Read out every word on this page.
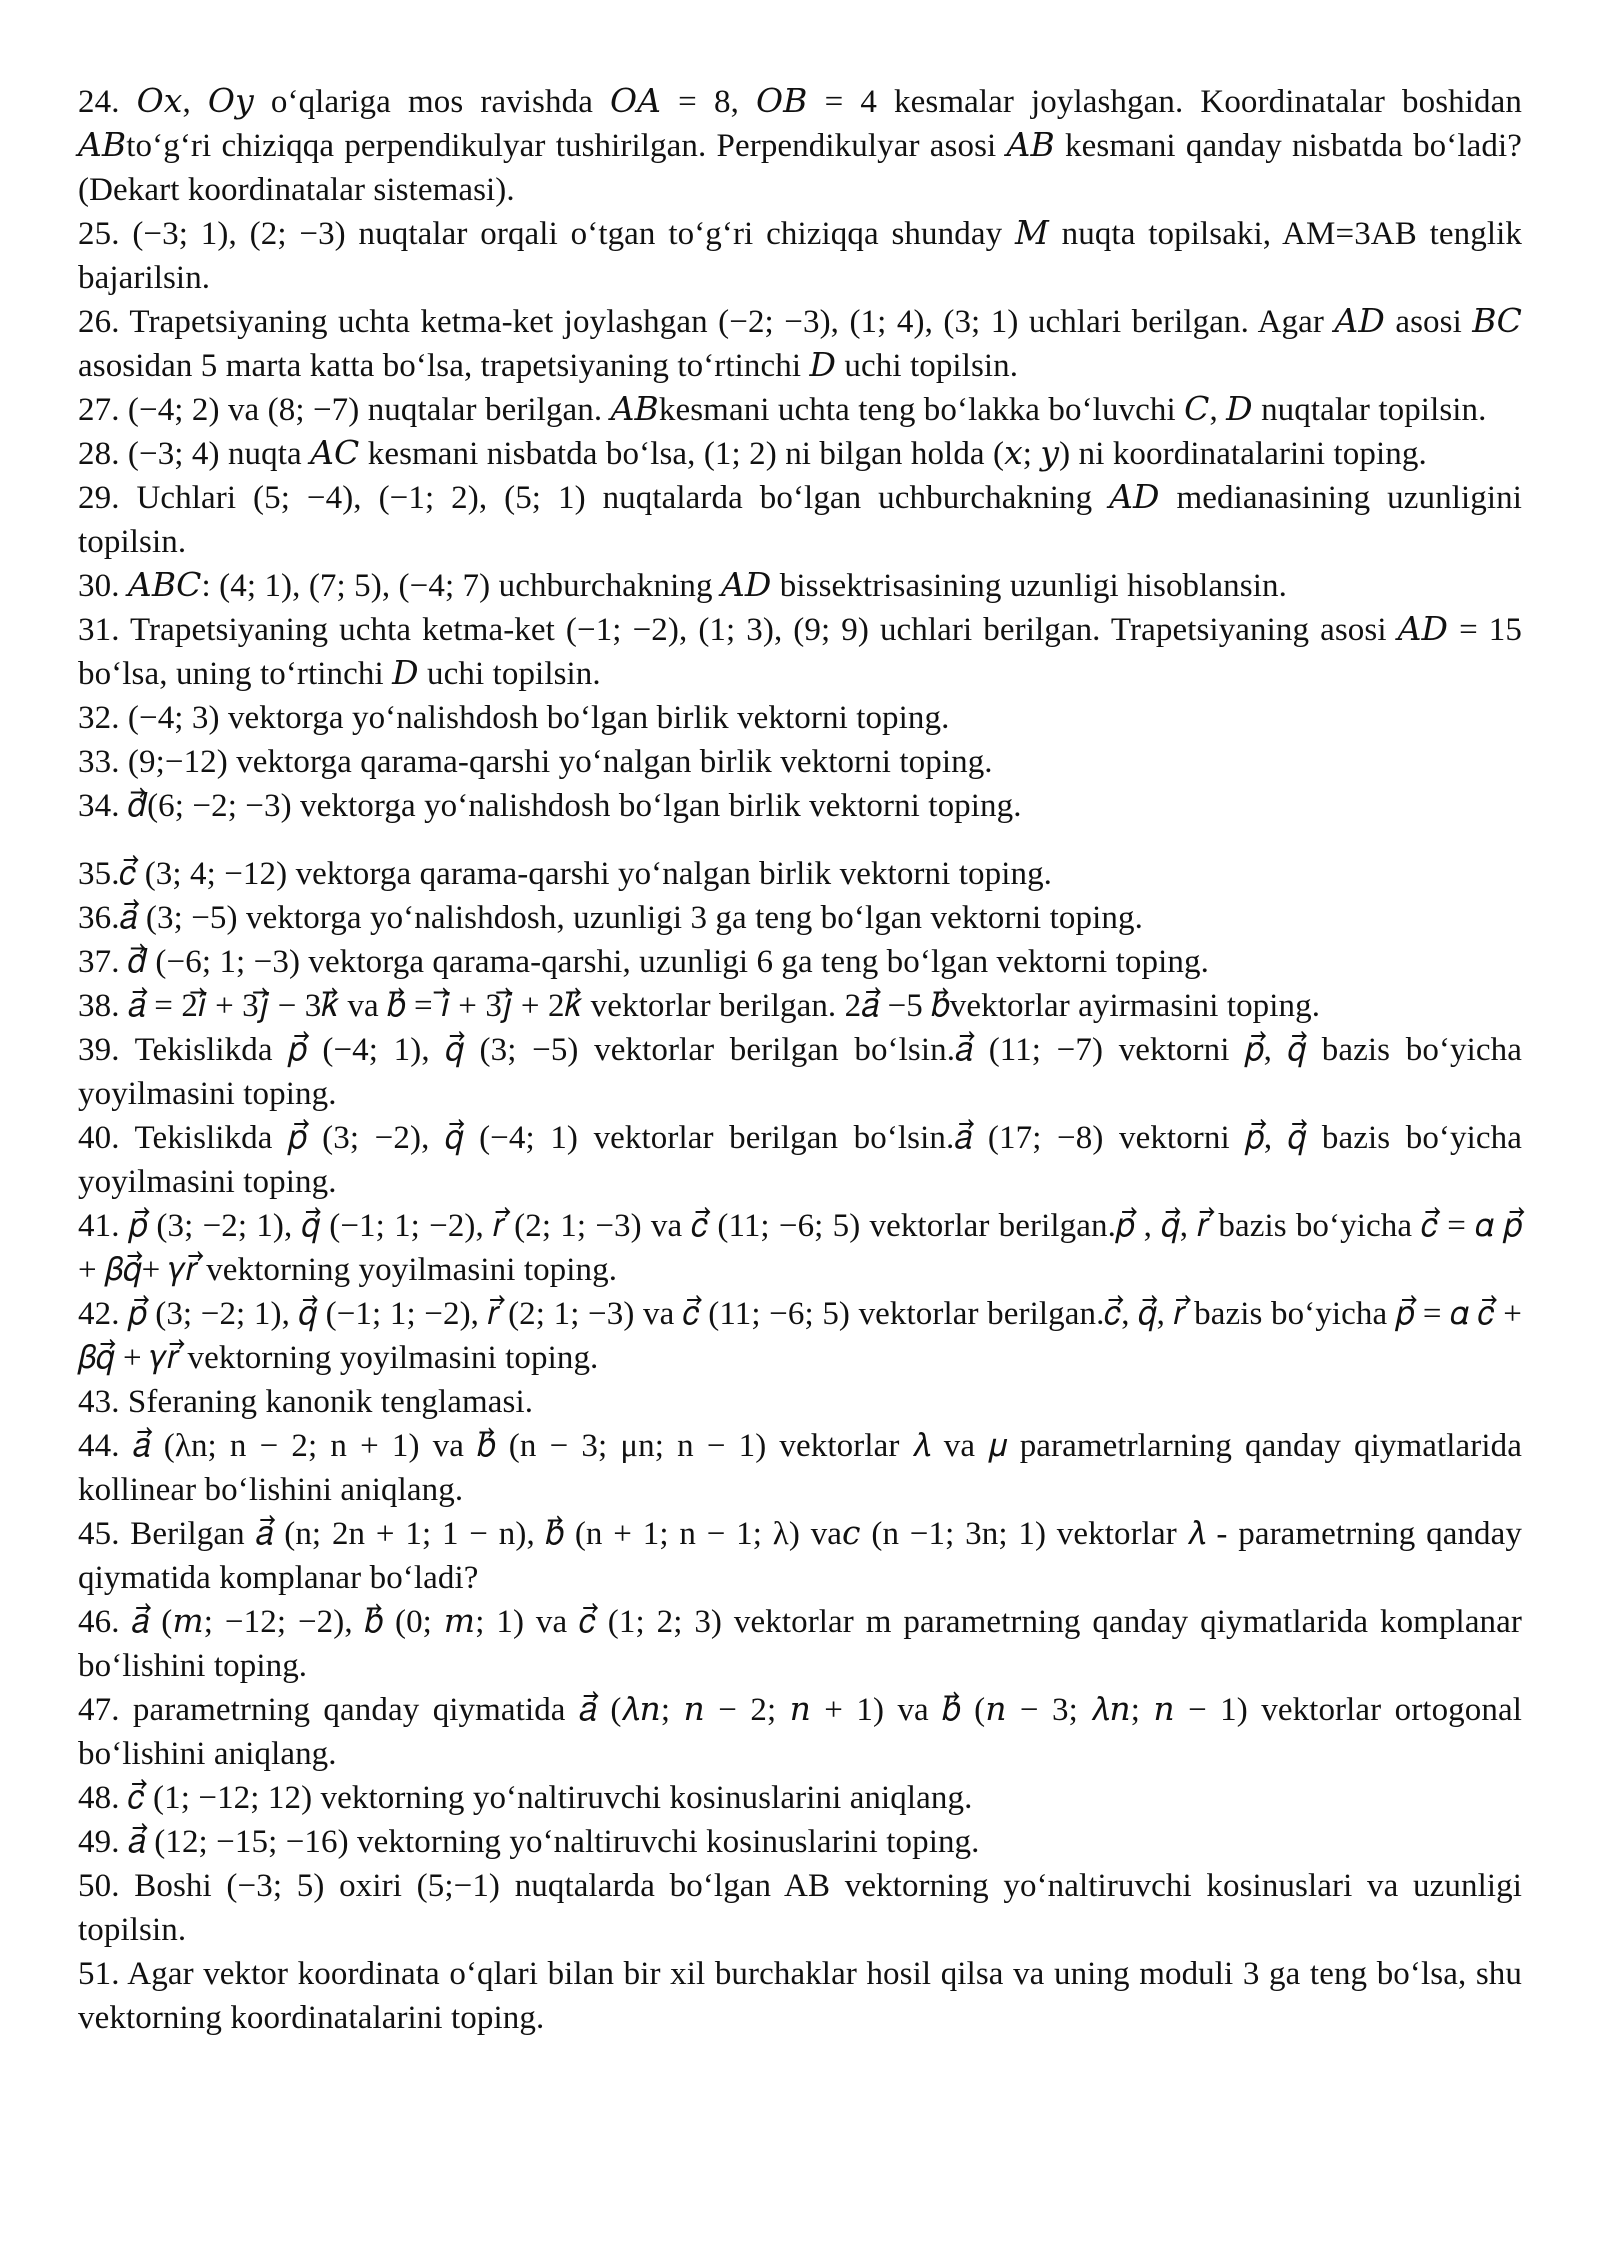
24. 𝑂𝑥, 𝑂𝑦 o‘qlariga mos ravishda 𝑂𝐴 = 8, 𝑂𝐵 = 4 kesmalar joylashgan. Koordinatalar boshidan 𝐴𝐵to‘g‘ri chiziqqa perpendikulyar tushirilgan. Perpendikulyar asosi 𝐴𝐵 kesmani qanday nisbatda bo‘ladi?(Dekart koordinatalar sistemasi).

25. (−3; 1), (2; −3) nuqtalar orqali o‘tgan to‘g‘ri chiziqqa shunday 𝑀 nuqta topilsaki, AM=3AB tenglik bajarilsin.

26. Trapetsiyaning uchta ketma-ket joylashgan (−2; −3), (1; 4), (3; 1) uchlari berilgan. Agar 𝐴𝐷 asosi 𝐵𝐶 asosidan 5 marta katta bo‘lsa, trapetsiyaning to‘rtinchi 𝐷 uchi topilsin.

27. (−4; 2) va (8; −7) nuqtalar berilgan. 𝐴𝐵kesmani uchta teng bo‘lakka bo‘luvchi 𝐶, 𝐷 nuqtalar topilsin.

28. (−3; 4) nuqta 𝐴𝐶 kesmani nisbatda bo‘lsa, (1; 2) ni bilgan holda (𝑥; 𝑦) ni koordinatalarini toping.

29. Uchlari (5; −4), (−1; 2), (5; 1) nuqtalarda bo‘lgan uchburchakning 𝐴𝐷 medianasining uzunligini topilsin.

30. 𝐴𝐵𝐶: (4; 1), (7; 5), (−4; 7) uchburchakning 𝐴𝐷 bissektrisasining uzunligi hisoblansin.

31. Trapetsiyaning uchta ketma-ket (−1; −2), (1; 3), (9; 9) uchlari berilgan. Trapetsiyaning asosi 𝐴𝐷 = 15 bo‘lsa, uning to‘rtinchi 𝐷 uchi topilsin.

32. (−4; 3) vektorga yo‘nalishdosh bo‘lgan birlik vektorni toping.

33. (9;−12) vektorga qarama-qarshi yo‘nalgan birlik vektorni toping.

34. 𝑑⃗(6; −2; −3) vektorga yo‘nalishdosh bo‘lgan birlik vektorni toping.

35.𝑐⃗ (3; 4; −12) vektorga qarama-qarshi yo‘nalgan birlik vektorni toping.

36.𝑎⃗ (3; −5) vektorga yo‘nalishdosh, uzunligi 3 ga teng bo‘lgan vektorni toping.

37. 𝑑⃗ (−6; 1; −3) vektorga qarama-qarshi, uzunligi 6 ga teng bo‘lgan vektorni toping.

38. 𝑎⃗ = 2𝑖⃗ + 3𝑗⃗ − 3𝑘⃗ va 𝑏⃗ = 𝑖⃗ + 3𝑗⃗ + 2𝑘⃗ vektorlar berilgan. 2𝑎⃗ −5 𝑏⃗vektorlar ayirmasini toping.

39. Tekislikda 𝑝⃗ (−4; 1), 𝑞⃗ (3; −5) vektorlar berilgan bo‘lsin.𝑎⃗ (11; −7) vektorni 𝑝⃗, 𝑞⃗ bazis bo‘yicha yoyilmasini toping.

40. Tekislikda 𝑝⃗ (3; −2), 𝑞⃗ (−4; 1) vektorlar berilgan bo‘lsin.𝑎⃗ (17; −8) vektorni 𝑝⃗, 𝑞⃗ bazis bo‘yicha yoyilmasini toping.

41. 𝑝⃗ (3; −2; 1), 𝑞⃗ (−1; 1; −2), 𝑟⃗ (2; 1; −3) va 𝑐⃗ (11; −6; 5) vektorlar berilgan.𝑝⃗ , 𝑞⃗, 𝑟⃗ bazis bo‘yicha 𝑐⃗ = 𝛼 𝑝⃗ + 𝛽𝑞⃗+ 𝛾𝑟⃗ vektorning yoyilmasini toping.

42. 𝑝⃗ (3; −2; 1), 𝑞⃗ (−1; 1; −2), 𝑟⃗ (2; 1; −3) va 𝑐⃗ (11; −6; 5) vektorlar berilgan.𝑐⃗, 𝑞⃗, 𝑟⃗ bazis bo‘yicha 𝑝⃗ = 𝛼 𝑐⃗ + 𝛽𝑞⃗ + 𝛾𝑟⃗ vektorning yoyilmasini toping.

43. Sferaning kanonik tenglamasi.

44. 𝑎⃗ (λn; n − 2; n + 1) va 𝑏⃗ (n − 3; μn; n − 1) vektorlar 𝜆 va 𝜇 parametrlarning qanday qiymatlarida kollinear bo‘lishini aniqlang.

45. Berilgan 𝑎⃗ (n; 2n + 1; 1 − n), 𝑏⃗ (n + 1; n − 1; λ) va𝑐 (n −1; 3n; 1) vektorlar 𝜆 - parametrning qanday qiymatida komplanar bo‘ladi?

46. 𝑎⃗ (𝑚; −12; −2), 𝑏⃗ (0; 𝑚; 1) va 𝑐⃗ (1; 2; 3) vektorlar m parametrning qanday qiymatlarida komplanar bo‘lishini toping.

47. parametrning qanday qiymatida 𝑎⃗ (𝜆𝑛; 𝑛 − 2; 𝑛 + 1) va 𝑏⃗ (𝑛 − 3; 𝜆𝑛; 𝑛 − 1) vektorlar ortogonal bo‘lishini aniqlang.

48. 𝑐⃗ (1; −12; 12) vektorning yo‘naltiruvchi kosinuslarini aniqlang.

49. 𝑎⃗ (12; −15; −16) vektorning yo‘naltiruvchi kosinuslarini toping.

50. Boshi (−3; 5) oxiri (5;−1) nuqtalarda bo‘lgan AB vektorning yo‘naltiruvchi kosinuslari va uzunligi topilsin.

51. Agar vektor koordinata o‘qlari bilan bir xil burchaklar hosil qilsa va uning moduli 3 ga teng bo‘lsa, shu vektorning koordinatalarini toping.
